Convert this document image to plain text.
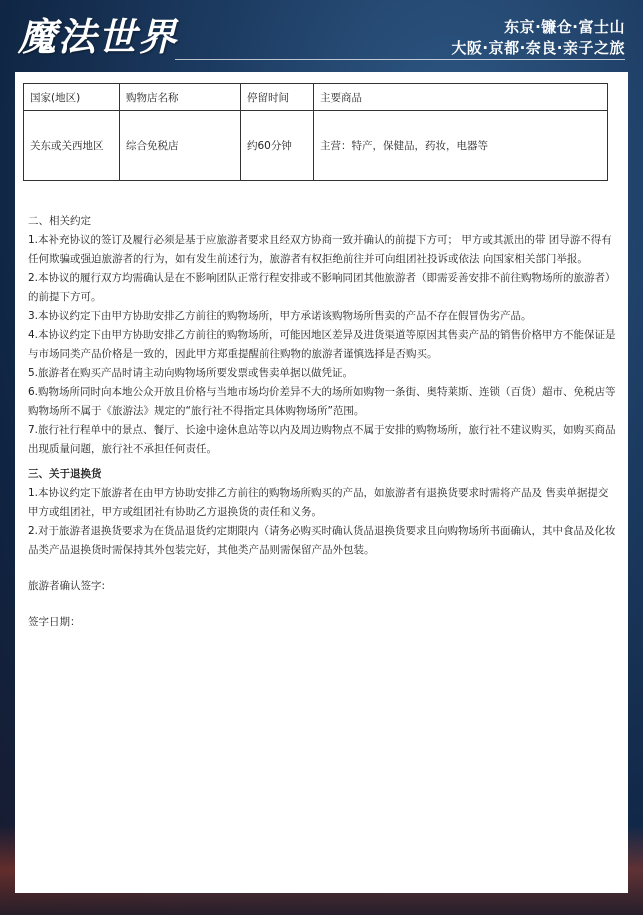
魔法世界	东京·镰仓·富士山
大阪·京都·奈良·亲子之旅
国家(地区)	购物店名称	停留时间	主要商品
关东或关西地区	综合免税店	约60分钟	主营：特产，保健品，药妆，电器等

二、相关约定

1.本补充协议的签订及履行必须是基于应旅游者要求且经双方协商一致并确认的前提下方可； 甲方或其派出的带 团导游不得有任何欺骗或强迫旅游者的行为，如有发生前述行为，旅游者有权拒绝前往并可向组团社投诉或依法 向国家相关部门举报。

2.本协议的履行双方均需确认是在不影响团队正常行程安排或不影响同团其他旅游者（即需妥善安排不前往购物场所的旅游者）的前提下方可。

3.本协议约定下由甲方协助安排乙方前往的购物场所，甲方承诺该购物场所售卖的产品不存在假冒伪劣产品。

4.本协议约定下由甲方协助安排乙方前往的购物场所，可能因地区差异及进货渠道等原因其售卖产品的销售价格甲方不能保证是与市场同类产品价格是一致的，因此甲方郑重提醒前往购物的旅游者谨慎选择是否购买。

5.旅游者在购买产品时请主动向购物场所要发票或售卖单据以做凭证。

6.购物场所同时向本地公众开放且价格与当地市场均价差异不大的场所如购物一条街、奥特莱斯、连锁（百货）超市、免税店等购物场所不属于《旅游法》规定的“旅行社不得指定具体购物场所”范围。

7.旅行社行程单中的景点、餐厅、长途中途休息站等以内及周边购物点不属于安排的购物场所，旅行社不建议购买，如购买商品出现质量问题，旅行社不承担任何责任。

三、关于退换货

1.本协议约定下旅游者在由甲方协助安排乙方前往的购物场所购买的产品，如旅游者有退换货要求时需将产品及 售卖单据提交甲方或组团社，甲方或组团社有协助乙方退换货的责任和义务。

2.对于旅游者退换货要求为在货品退货约定期限内（请务必购买时确认货品退换货要求且向购物场所书面确认，其中食品及化妆品类产品退换货时需保持其外包装完好，其他类产品则需保留产品外包装。

旅游者确认签字:

签字日期：
